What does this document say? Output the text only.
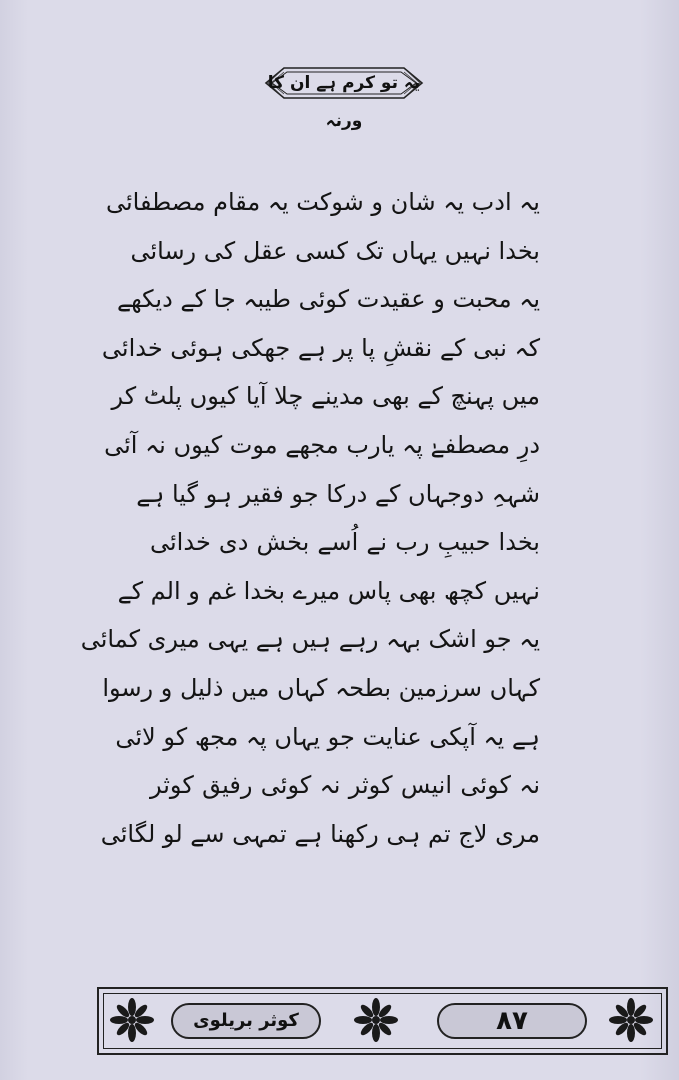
یہ تو کرم ہے ان کا ورنہ
یہ ادب یہ شان و شوکت یہ مقام مصطفائی
بخدا نہیں یہاں تک کسی عقل کی رسائی
یہ محبت و عقیدت کوئی طیبہ جا کے دیکھے
کہ نبی کے نقشِ پا پر ہے جھکی ہوئی خدائی
میں پہنچ کے بھی مدینے چلا آیا کیوں پلٹ کر
درِ مصطفےٰ پہ یارب مجھے موت کیوں نہ آئی
شہہِ دوجہاں کے درکا جو فقیر ہو گیا ہے
بخدا حبیبِ رب نے اُسے بخش دی خدائی
نہیں کچھ بھی پاس میرے بخدا غم و الم کے
یہ جو اشک بہہ رہے ہیں ہے یہی میری کمائی
کہاں سرزمین بطحہ کہاں میں ذلیل و رسوا
ہے یہ آپکی عنایت جو یہاں پہ مجھ کو لائی
نہ کوئی انیس کوثر نہ کوئی رفیق کوثر
مری لاج تم ہی رکھنا ہے تمہی سے لو لگائی
کوثر بریلوی	۸۷
